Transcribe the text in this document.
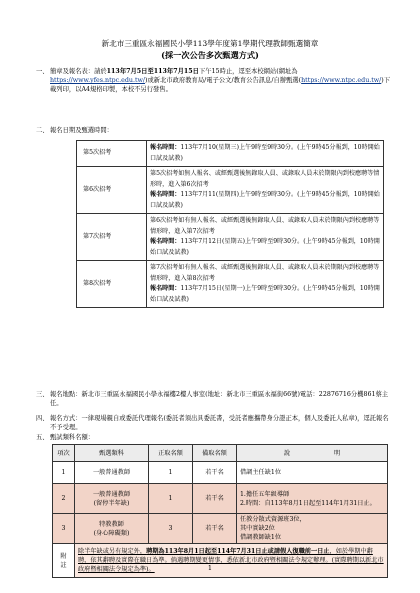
新北市三重區永福國民小學113學年度第1學期代理教師甄選簡章
(採一次公告多次甄選方式)
一、 簡章及報名表：請於113年7月5日至113年7月15日下午15時止，逕至本校網站(網址為https://www.yfes.ntpc.edu.tw/)或新北市政府教育局/電子公文/教育公告訊息/自辦甄選(https://www.ntpc.edu.tw/)下載列印，以A4規格印製，本校不另行發售。
二、 報名日期及甄選時間：
第5次招考	報名時間：113年7月10(星期三)上午9時至9時30分。(上午9時45分報到，10時開始口試及試教)

第6次招考	第5次招考如無人報名、或經甄選後無錄取人員、或錄取人員未於期限內到校應聘等情形時，進入第6次招考
報名時間：113年7月11(星期四)上午9時至9時30分。(上午9時45分報到，10時開始口試及試教)

第7次招考	第6次招考如有無人報名、或經甄選後無錄取人員、或錄取人員未於期限內到校應聘等情形時，進入第7次招考
報名時間：113年7月12日(星期五)上午9時至9時30分。(上午9時45分報到，10時開始口試及試教)

第8次招考	第7次招考如有無人報名、或經甄選後無錄取人員、或錄取人員未於期限內到校應聘等情形時，進入第8次招考
報名時間：113年7月15日(星期一)上午9時至9時30分。(上午9時45分報到，10時開始口試及試教)
三、 報名地點：新北市三重區永福國民小學永福樓2樓人事室(地址：新北市三重區永福街66號)電話：22876716分機861蔡主任。
四、 報名方式：一律現場親自或委託代理報名(委託者須出具委託書，受託者應攜帶身分證正本，個人及委託人私章)，逕託報名不予受理。
五、 甄試類科名額：
項次	甄選類科	正取名額	備取名額	說 明
1	一般普通教師	1	若干名	借調主任缺1位
2	一般普通教師
(留停半年缺)	1	若干名	1.擔任五年級導師
2.時間：自113年8月1日起至114年1月31日止。
3	特教教師
(身心障礙類)	3	若干名	任教分散式資源班3位，
其中實缺2位
借調教師缺1位
附
註	除半年缺或另有規定外，聘期為113年8月1日起至114年7月31日止或請假人復職前一日止，如於學期中辭聘，依其辭聘及實際在職日為準。倘遇聘期變更情事，悉依新北市政府暨相關法令規定辦理。(實際聘期以新北市政府暨相關法令規定為準)。				1
